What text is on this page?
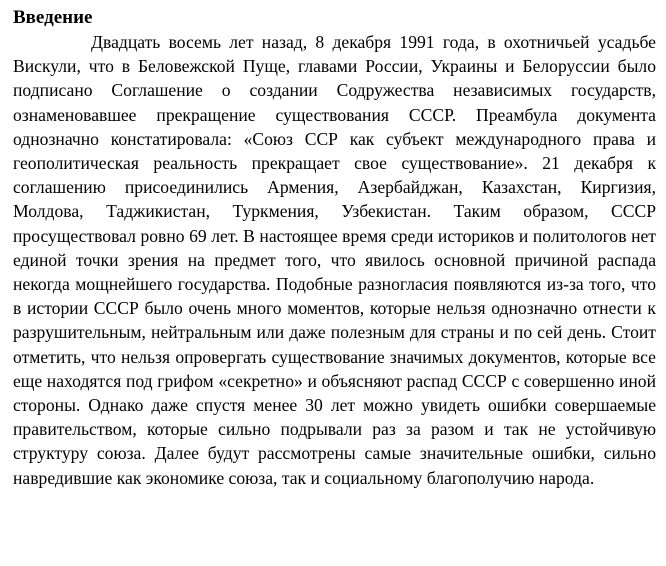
Введение

Двадцать восемь лет назад, 8 декабря 1991 года, в охотничьей усадьбе Вискули, что в Беловежской Пуще, главами России, Украины и Белоруссии было подписано Соглашение о создании Содружества независимых государств, ознаменовавшее прекращение существования СССР. Преамбула документа однозначно констатировала: «Союз ССР как субъект международного права и геополитическая реальность прекращает свое существование». 21 декабря к соглашению присоединились Армения, Азербайджан, Казахстан, Киргизия, Молдова, Таджикистан, Туркмения, Узбекистан. Таким образом, СССР просуществовал ровно 69 лет. В настоящее время среди историков и политологов нет единой точки зрения на предмет того, что явилось основной причиной распада некогда мощнейшего государства. Подобные разногласия появляются из-за того, что в истории СССР было очень много моментов, которые нельзя однозначно отнести к разрушительным, нейтральным или даже полезным для страны и по сей день. Стоит отметить, что нельзя опровергать существование значимых документов, которые все еще находятся под грифом «секретно» и объясняют распад СССР с совершенно иной стороны. Однако даже спустя менее 30 лет можно увидеть ошибки совершаемые правительством, которые сильно подрывали раз за разом и так не устойчивую структуру союза. Далее будут рассмотрены самые значительные ошибки, сильно навредившие как экономике союза, так и социальному благополучию народа.
